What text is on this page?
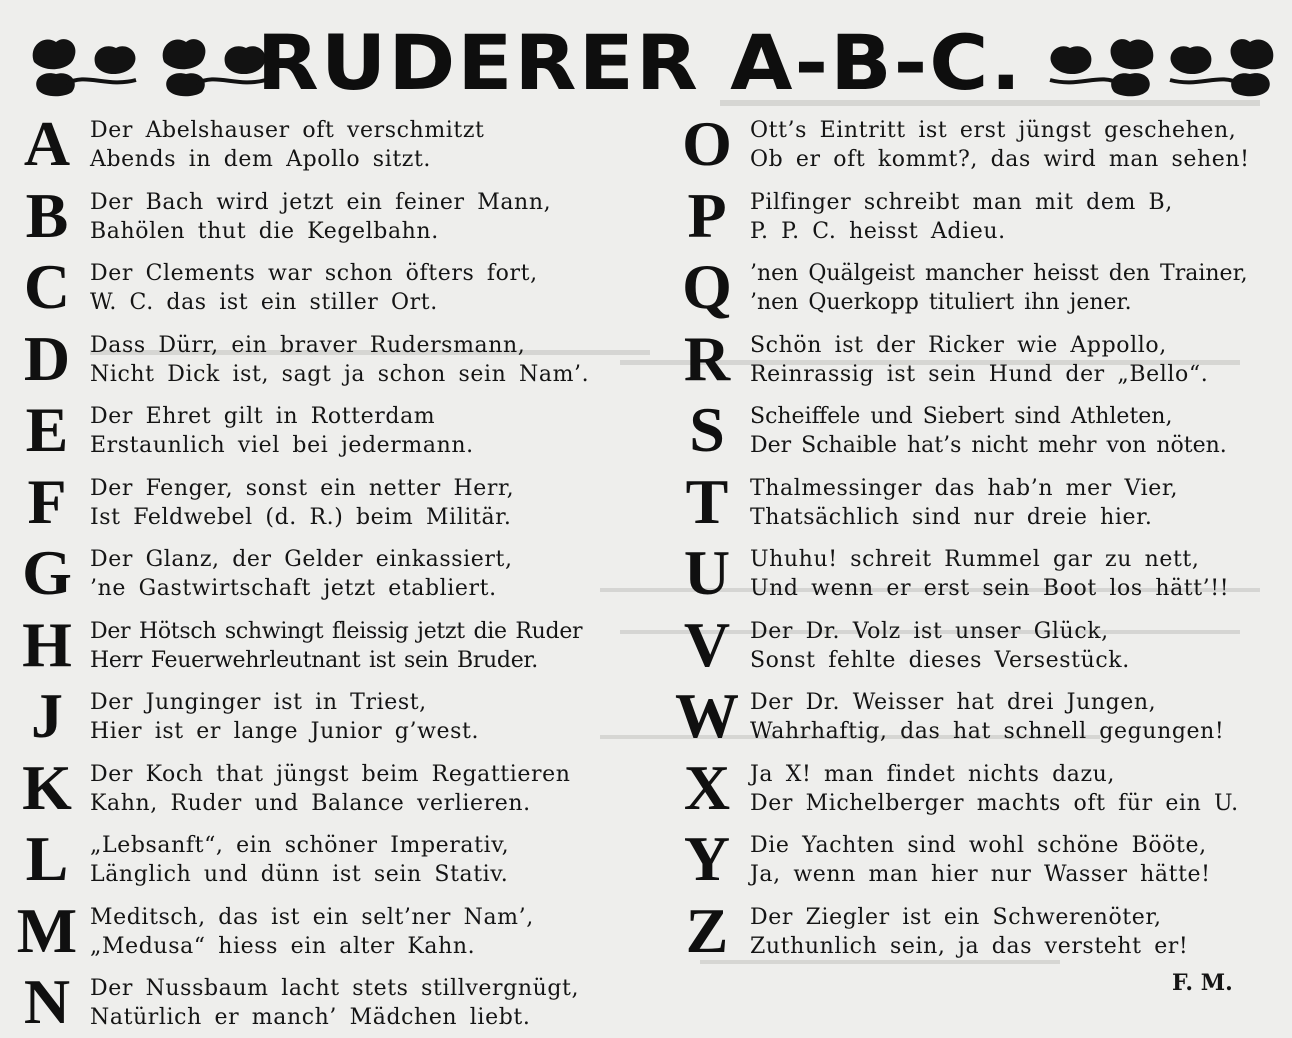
RUDERER A-B-C.
A Der Abelshauser oft verschmitzt
Abends in dem Apollo sitzt.
B Der Bach wird jetzt ein feiner Mann,
Bahölen thut die Kegelbahn.
C Der Clements war schon öfters fort,
W. C. das ist ein stiller Ort.
D Dass Dürr, ein braver Rudersmann,
Nicht Dick ist, sagt ja schon sein Nam’.
E Der Ehret gilt in Rotterdam
Erstaunlich viel bei jedermann.
F	Der Fenger, sonst ein netter Herr,
Ist Feldwebel (d. R.) beim Militär.
G Der Glanz, der Gelder einkassiert,
’ne Gastwirtschaft jetzt etabliert.
H Der Hötsch schwingt fleissig jetzt die Ruder
Herr Feuerwehrleutnant ist sein Bruder.
J	Der Junginger ist in Triest,
Hier ist er lange Junior g’west.
K Der Koch that jüngst beim Regattieren
Kahn, Ruder und Balance verlieren.
L „Lebsanft“, ein schöner Imperativ,
Länglich und dünn ist sein Stativ.
M Meditsch, das ist ein selt’ner Nam’,
„Medusa“ hiess ein alter Kahn.
N Der Nussbaum lacht stets stillvergnügt,
Natürlich er manch’ Mädchen liebt.
O Ott’s Eintritt ist erst jüngst geschehen,
Ob er oft kommt?, das wird man sehen!
P	Pilfinger schreibt man mit dem B,
P. P. C. heisst Adieu.
Q ’nen Quälgeist mancher heisst den Trainer,
’nen Querkopp tituliert ihn jener.
R Schön ist der Ricker wie Appollo,
Reinrassig ist sein Hund der „Bello“.
S	Scheiffele und Siebert sind Athleten,
Der Schaible hat’s nicht mehr von nöten.
T Thalmessinger das hab’n mer Vier,
Thatsächlich sind nur dreie hier.
U Uhuhu! schreit Rummel gar zu nett,
Und wenn er erst sein Boot los hätt’!!
V Der Dr. Volz ist unser Glück,
Sonst fehlte dieses Versestück.
W Der Dr. Weisser hat drei Jungen,
Wahrhaftig, das hat schnell gegungen!
X Ja X! man findet nichts dazu,
Der Michelberger machts oft für ein U.
Y Die Yachten sind wohl schöne Bööte,
Ja, wenn man hier nur Wasser hätte!
Z Der Ziegler ist ein Schwerenöter,
Zuthunlich sein, ja das versteht er!
F. M.
